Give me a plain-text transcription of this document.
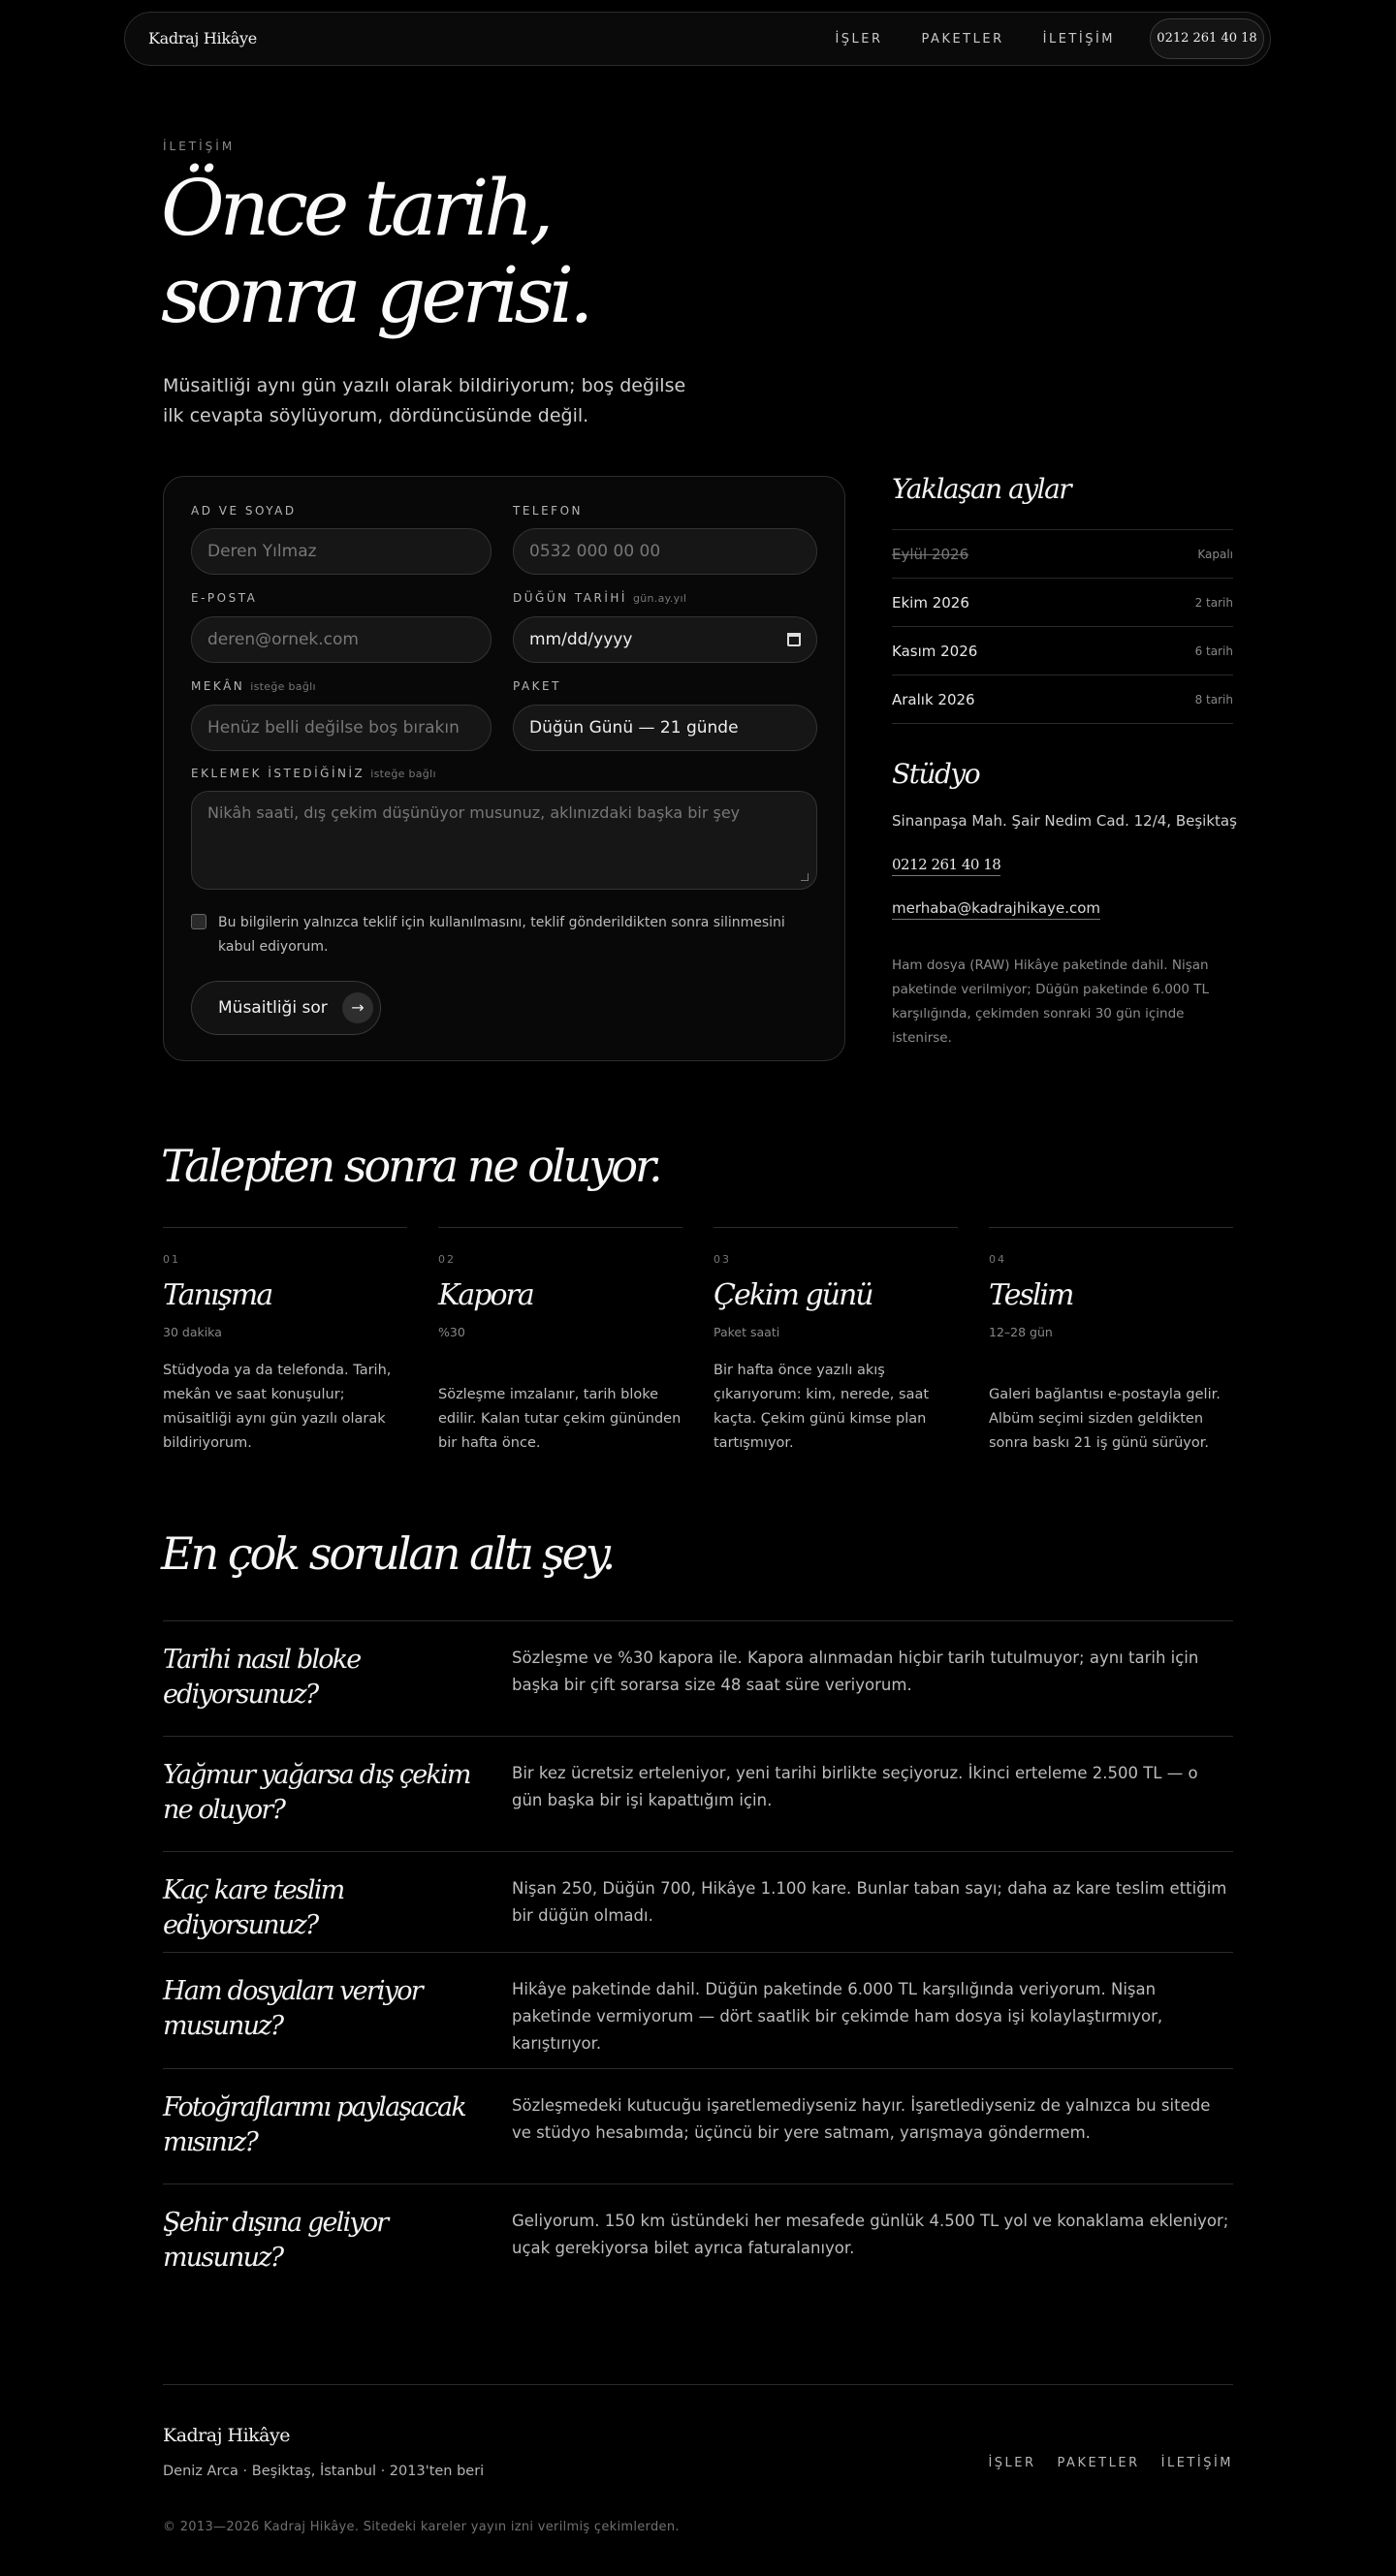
Kadraj Hikâye	İŞLER	PAKETLER	İLETİŞİM	0212 261 40 18
İLETİŞİM
Önce tarih,
sonra gerisi.

Müsaitliği aynı gün yazılı olarak bildiriyorum; boş değilse ilk cevapta söylüyorum, dördüncüsünde değil.

AD VE SOYAD
Deren Yılmaz
TELEFON
0532 000 00 00
E-POSTA
deren@ornek.com
DÜĞÜN TARİHİ gün.ay.yıl
mm/dd/yyyy
MEKÂN isteğe bağlı
Henüz belli değilse boş bırakın
PAKET
Düğün Günü — 21 günde
EKLEMEK İSTEDİĞİNİZ isteğe bağlı
Nikâh saati, dış çekim düşünüyor musunuz, aklınızdaki başka bir şey
Bu bilgilerin yalnızca teklif için kullanılmasını, teklif gönderildikten sonra silinmesini kabul ediyorum.
Müsaitliği sor	→
Yaklaşan aylar
Eylül 2026	Kapalı
Ekim 2026	2 tarih
Kasım 2026	6 tarih
Aralık 2026	8 tarih
Stüdyo
Sinanpaşa Mah. Şair Nedim Cad. 12/4, Beşiktaş
0212 261 40 18
merhaba@kadrajhikaye.com

Ham dosya (RAW) Hikâye paketinde dahil. Nişan paketinde verilmiyor; Düğün paketinde 6.000 TL karşılığında, çekimden sonraki 30 gün içinde istenirse.

Talepten sonra ne oluyor.
01
Tanışma
30 dakika

Stüdyoda ya da telefonda. Tarih, mekân ve saat konuşulur; müsaitliği aynı gün yazılı olarak bildiriyorum.

02
Kapora
%30

Sözleşme imzalanır, tarih bloke edilir. Kalan tutar çekim gününden bir hafta önce.

03
Çekim günü
Paket saati

Bir hafta önce yazılı akış çıkarıyorum: kim, nerede, saat kaçta. Çekim günü kimse plan tartışmıyor.

04
Teslim
12–28 gün

Galeri bağlantısı e-postayla gelir. Albüm seçimi sizden geldikten sonra baskı 21 iş günü sürüyor.

En çok sorulan altı şey.
Tarihi nasıl bloke ediyorsunuz?
Sözleşme ve %30 kapora ile. Kapora alınmadan hiçbir tarih tutulmuyor; aynı tarih için başka bir çift sorarsa size 48 saat süre veriyorum.
Yağmur yağarsa dış çekim ne oluyor?
Bir kez ücretsiz erteleniyor, yeni tarihi birlikte seçiyoruz. İkinci erteleme 2.500 TL — o gün başka bir işi kapattığım için.
Kaç kare teslim ediyorsunuz?
Nişan 250, Düğün 700, Hikâye 1.100 kare. Bunlar taban sayı; daha az kare teslim ettiğim bir düğün olmadı.
Ham dosyaları veriyor musunuz?
Hikâye paketinde dahil. Düğün paketinde 6.000 TL karşılığında veriyorum. Nişan paketinde vermiyorum — dört saatlik bir çekimde ham dosya işi kolaylaştırmıyor, karıştırıyor.
Fotoğraflarımı paylaşacak mısınız?
Sözleşmedeki kutucuğu işaretlemediyseniz hayır. İşaretlediyseniz de yalnızca bu sitede ve stüdyo hesabımda; üçüncü bir yere satmam, yarışmaya göndermem.
Şehir dışına geliyor musunuz?
Geliyorum. 150 km üstündeki her mesafede günlük 4.500 TL yol ve konaklama ekleniyor; uçak gerekiyorsa bilet ayrıca faturalanıyor.
Kadraj Hikâye
Deniz Arca · Beşiktaş, İstanbul · 2013'ten beri
İŞLER PAKETLER İLETİŞİM
© 2013—2026 Kadraj Hikâye. Sitedeki kareler yayın izni verilmiş çekimlerden.
